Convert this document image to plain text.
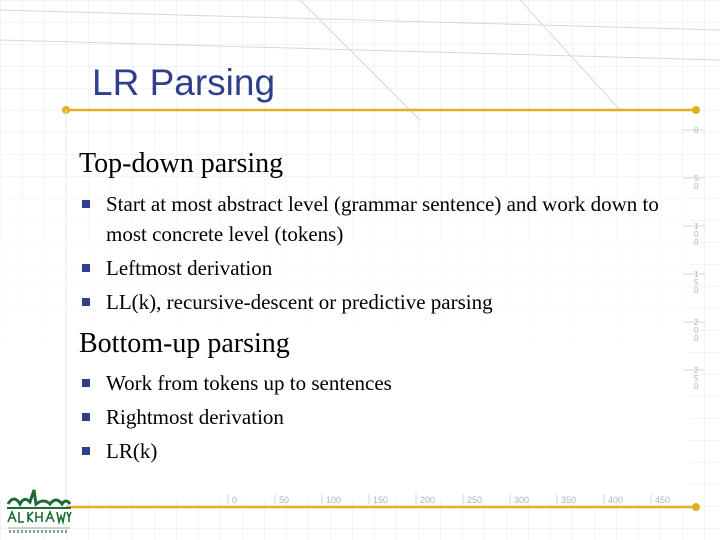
0
5
0
1
0
0
1
5
0
2
0
0
2
5
0
0	50	100	150	200	250	300	350	400	450
LR Parsing
Top-down parsing
Start at most abstract level (grammar sentence) and work down to most concrete level (tokens)
Leftmost derivation
LL(k), recursive-descent or predictive parsing
Bottom-up parsing
Work from tokens up to sentences
Rightmost derivation
LR(k)
